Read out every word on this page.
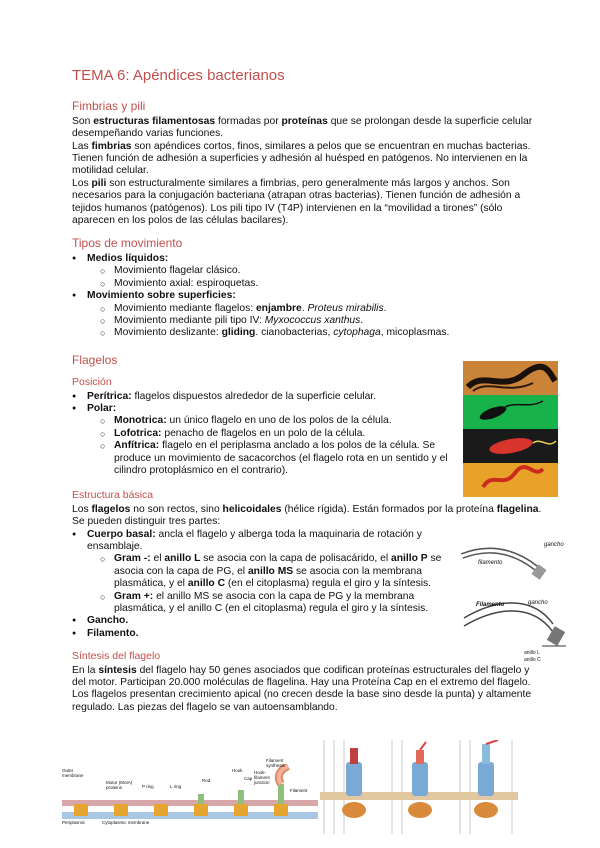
TEMA 6: Apéndices bacterianos
Fimbrias y pili

Son estructuras filamentosas formadas por proteínas que se prolongan desde la superficie celular desempeñando varias funciones.

Las fimbrias son apéndices cortos, finos, similares a pelos que se encuentran en muchas bacterias. Tienen función de adhesión a superficies y adhesión al huésped en patógenos. No intervienen en la motilidad celular.

Los pili son estructuralmente similares a fimbrias, pero generalmente más largos y anchos. Son necesarios para la conjugación bacteriana (atrapan otras bacterias). Tienen función de adhesión a tejidos humanos (patógenos). Los pili tipo IV (T4P) intervienen en la “movilidad a tirones” (sólo aparecen en los polos de las células bacilares).

Tipos de movimiento
● Medios líquidos:
○ Movimiento flagelar clásico.
○ Movimiento axial: espiroquetas.
● Movimiento sobre superficies:
○ Movimiento mediante flagelos: enjambre. Proteus mirabilis.
○ Movimiento mediante pili tipo IV: Myxococcus xanthus.
○ Movimiento deslizante: gliding. cianobacterias, cytophaga, micoplasmas.
Flagelos
Posición
● Perítrica: flagelos dispuestos alrededor de la superficie celular.
● Polar:
○ Monotrica: un único flagelo en uno de los polos de la célula.
○ Lofotrica: penacho de flagelos en un polo de la célula.
○ Anfítrica: flagelo en el periplasma anclado a los polos de la célula. Se produce un movimiento de sacacorchos (el flagelo rota en un sentido y el cilindro protoplásmico en el contrario).
Estructura básica

Los flagelos no son rectos, sino helicoidales (hélice rígida). Están formados por la proteína flagelina. Se pueden distinguir tres partes:

● Cuerpo basal: ancla el flagelo y alberga toda la maquinaria de rotación y ensamblaje.
○ Gram -: el anillo L se asocia con la capa de polisacárido, el anillo P se asocia con la capa de PG, el anillo MS se asocia con la membrana plasmática, y el anillo C (en el citoplasma) regula el giro y la síntesis.
○ Gram +: el anillo MS se asocia con la capa de PG y la membrana plasmática, y el anillo C (en el citoplasma) regula el giro y la síntesis.
● Gancho.
● Filamento.
Síntesis del flagelo

En la síntesis del flagelo hay 50 genes asociados que codifican proteínas estructurales del flagelo y del motor. Participan 20.000 moléculas de flagelina. Hay una Proteína Cap en el extremo del flagelo. Los flagelos presentan crecimiento apical (no crecen desde la base sino desde la punta) y altamente regulado. Las piezas del flagelo se van autoensamblando.

gancho
filamento
Filamento	gancho
anillo L
anillo C
Outer membrane
Motor (MotA) proteins	P ring	L ring
Periplasmic	Cytoplasmic membrane
Rod
Hook
Cap
Filament synthesis
Hook-filament junction
Filament
